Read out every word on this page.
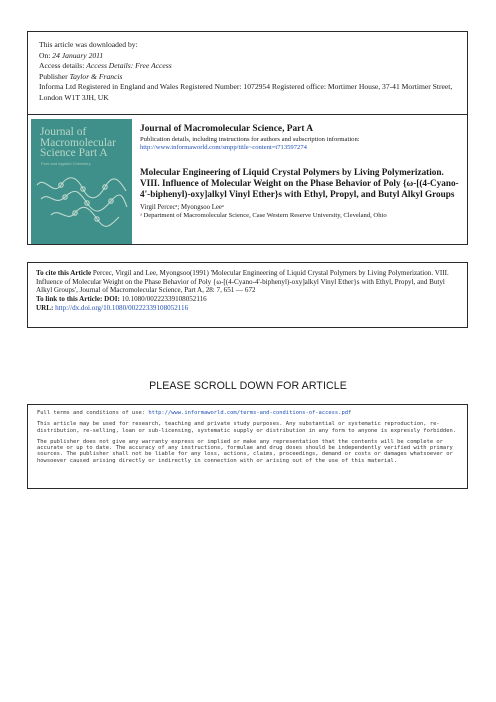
This article was downloaded by:
On: 24 January 2011
Access details: Access Details: Free Access
Publisher Taylor & Francis
Informa Ltd Registered in England and Wales Registered Number: 1072954 Registered office: Mortimer House, 37-41 Mortimer Street, London W1T 3JH, UK
Journal of Macromolecular Science Part A
Pure and Applied Chemistry
Journal of Macromolecular Science, Part A
Publication details, including instructions for authors and subscription information:
http://www.informaworld.com/smpp/title~content=t713597274
Molecular Engineering of Liquid Crystal Polymers by Living Polymerization. VIII. Influence of Molecular Weight on the Phase Behavior of Poly {ω-[(4-Cyano-4'-biphenyl)-oxy]alkyl Vinyl Ether}s with Ethyl, Propyl, and Butyl Alkyl Groups
Virgil Percecᵃ; Myongsoo Leeᵃ
ᵃ Department of Macromolecular Science, Case Western Reserve University, Cleveland, Ohio
To cite this Article Percec, Virgil and Lee, Myongsoo(1991) 'Molecular Engineering of Liquid Crystal Polymers by Living Polymerization. VIII. Influence of Molecular Weight on the Phase Behavior of Poly {ω-[(4-Cyano-4'-biphenyl)-oxy]alkyl Vinyl Ether}s with Ethyl, Propyl, and Butyl Alkyl Groups', Journal of Macromolecular Science, Part A, 28: 7, 651 — 672
To link to this Article: DOI: 10.1080/00222339108052116
URL: http://dx.doi.org/10.1080/00222339108052116
PLEASE SCROLL DOWN FOR ARTICLE

Full terms and conditions of use: http://www.informaworld.com/terms-and-conditions-of-access.pdf

This article may be used for research, teaching and private study purposes. Any substantial or systematic reproduction, re-distribution, re-selling, loan or sub-licensing, systematic supply or distribution in any form to anyone is expressly forbidden.

The publisher does not give any warranty express or implied or make any representation that the contents will be complete or accurate or up to date. The accuracy of any instructions, formulae and drug doses should be independently verified with primary sources. The publisher shall not be liable for any loss, actions, claims, proceedings, demand or costs or damages whatsoever or howsoever caused arising directly or indirectly in connection with or arising out of the use of this material.
